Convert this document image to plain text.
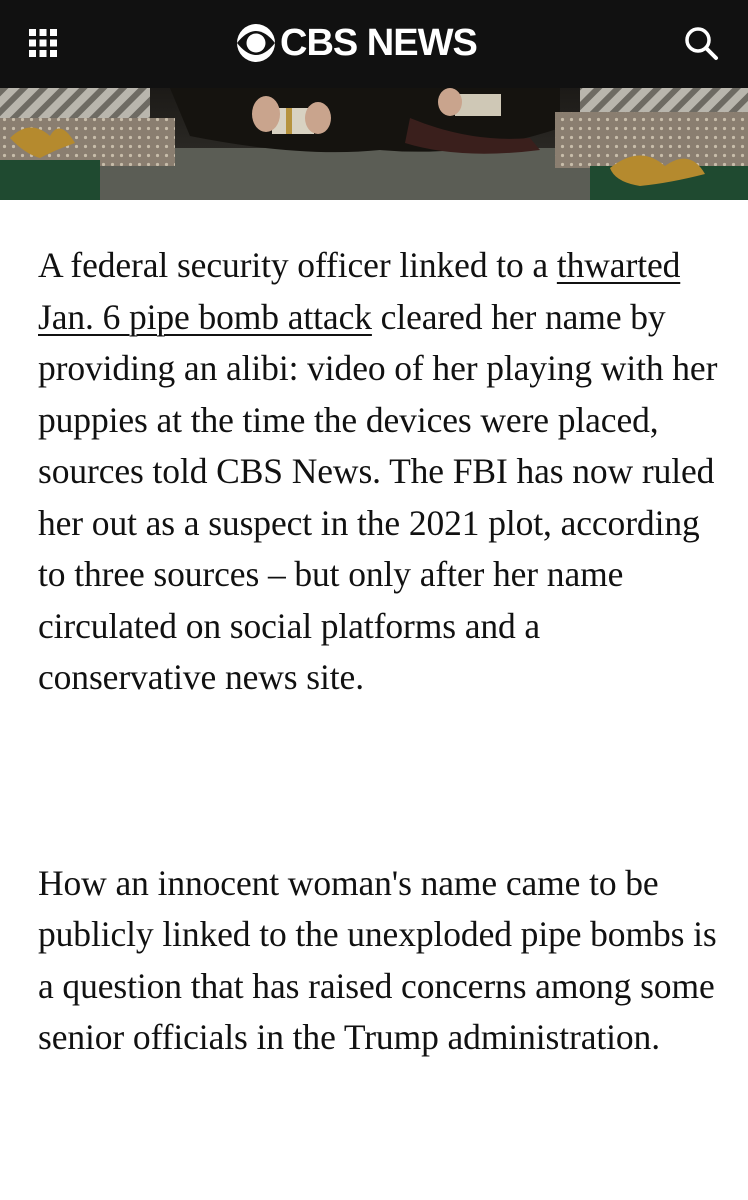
CBS NEWS

A federal security officer linked to a thwarted Jan. 6 pipe bomb attack cleared her name by providing an alibi: video of her playing with her puppies at the time the devices were placed, sources told CBS News. The FBI has now ruled her out as a suspect in the 2021 plot, according to three sources – but only after her name circulated on social platforms and a conservative news site.

How an innocent woman's name came to be publicly linked to the unexploded pipe bombs is a question that has raised concerns among some senior officials in the Trump administration.
